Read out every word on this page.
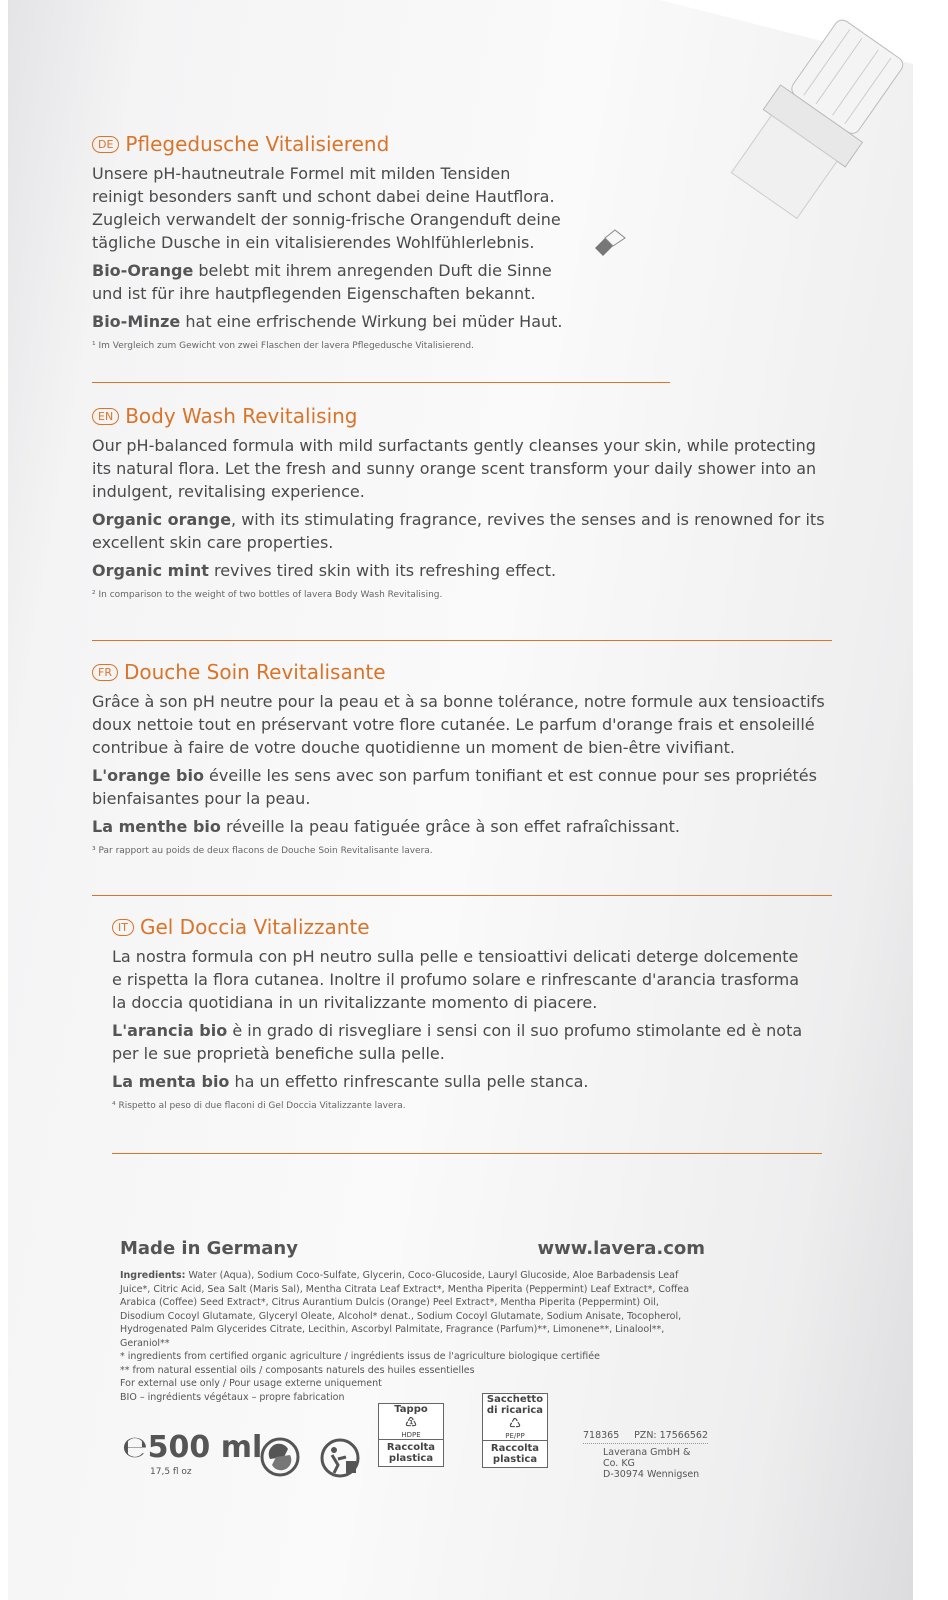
DE Pflegedusche Vitalisierend

Unsere pH-hautneutrale Formel mit milden Tensiden reinigt besonders sanft und schont dabei deine Hautflora. Zugleich verwandelt der sonnig-frische Orangenduft deine tägliche Dusche in ein vitalisierendes Wohlfühlerlebnis.

Bio-Orange belebt mit ihrem anregenden Duft die Sinne und ist für ihre hautpflegenden Eigenschaften bekannt.

Bio-Minze hat eine erfrischende Wirkung bei müder Haut.

¹ Im Vergleich zum Gewicht von zwei Flaschen der lavera Pflegedusche Vitalisierend.
EN Body Wash Revitalising

Our pH-balanced formula with mild surfactants gently cleanses your skin, while protecting its natural flora. Let the fresh and sunny orange scent transform your daily shower into an indulgent, revitalising experience.

Organic orange, with its stimulating fragrance, revives the senses and is renowned for its excellent skin care properties.

Organic mint revives tired skin with its refreshing effect.

² In comparison to the weight of two bottles of lavera Body Wash Revitalising.
FR Douche Soin Revitalisante

Grâce à son pH neutre pour la peau et à sa bonne tolérance, notre formule aux tensioactifs doux nettoie tout en préservant votre flore cutanée. Le parfum d'orange frais et ensoleillé contribue à faire de votre douche quotidienne un moment de bien-être vivifiant.

L'orange bio éveille les sens avec son parfum tonifiant et est connue pour ses propriétés bienfaisantes pour la peau.

La menthe bio réveille la peau fatiguée grâce à son effet rafraîchissant.

³ Par rapport au poids de deux flacons de Douche Soin Revitalisante lavera.
IT Gel Doccia Vitalizzante

La nostra formula con pH neutro sulla pelle e tensioattivi delicati deterge dolcemente e rispetta la flora cutanea. Inoltre il profumo solare e rinfrescante d'arancia trasforma la doccia quotidiana in un rivitalizzante momento di piacere.

L'arancia bio è in grado di risvegliare i sensi con il suo profumo stimolante ed è nota per le sue proprietà benefiche sulla pelle.

La menta bio ha un effetto rinfrescante sulla pelle stanca.

⁴ Rispetto al peso di due flaconi di Gel Doccia Vitalizzante lavera.
Made in Germany	www.lavera.com
Ingredients: Water (Aqua), Sodium Coco-Sulfate, Glycerin, Coco-Glucoside, Lauryl Glucoside, Aloe Barbadensis Leaf Juice*, Citric Acid, Sea Salt (Maris Sal), Mentha Citrata Leaf Extract*, Mentha Piperita (Peppermint) Leaf Extract*, Coffea Arabica (Coffee) Seed Extract*, Citrus Aurantium Dulcis (Orange) Peel Extract*, Mentha Piperita (Peppermint) Oil, Disodium Cocoyl Glutamate, Glyceryl Oleate, Alcohol* denat., Sodium Cocoyl Glutamate, Sodium Anisate, Tocopherol, Hydrogenated Palm Glycerides Citrate, Lecithin, Ascorbyl Palmitate, Fragrance (Parfum)**, Limonene**, Linalool**, Geraniol**
* ingredients from certified organic agriculture / ingrédients issus de l'agriculture biologique certifiée
** from natural essential oils / composants naturels des huiles essentielles
For external use only / Pour usage externe uniquement
BIO – ingrédients végétaux – propre fabrication
℮500 ml
17,5 fl oz
Tappo
♳
HDPE
Raccolta plastica
Sacchetto di ricarica
♺
PE/PP
Raccolta plastica
718365 PZN: 17566562
Laverana GmbH & Co. KG
D-30974 Wennigsen
